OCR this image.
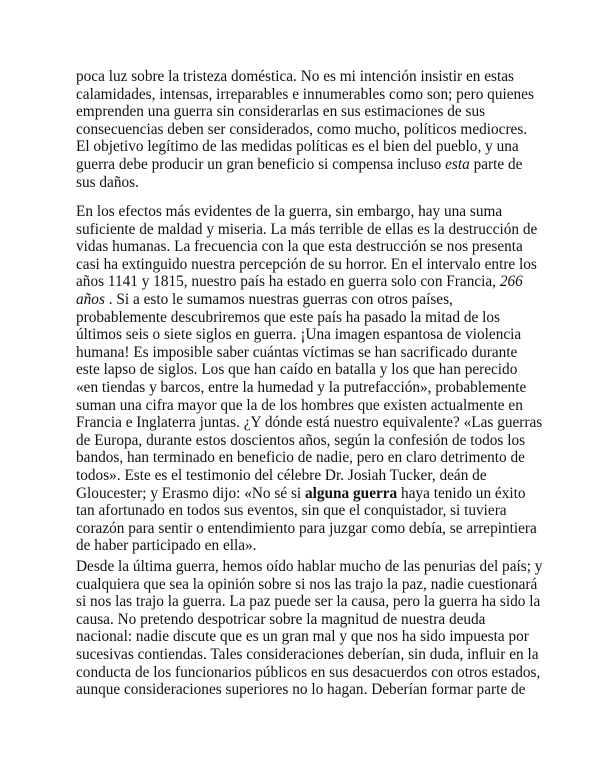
poca luz sobre la tristeza doméstica. No es mi intención insistir en estas
calamidades, intensas, irreparables e innumerables como son; pero quienes
emprenden una guerra sin considerarlas en sus estimaciones de sus
consecuencias deben ser considerados, como mucho, políticos mediocres.
El objetivo legítimo de las medidas políticas es el bien del pueblo, y una
guerra debe producir un gran beneficio si compensa incluso esta parte de
sus daños.
En los efectos más evidentes de la guerra, sin embargo, hay una suma
suficiente de maldad y miseria. La más terrible de ellas es la destrucción de
vidas humanas. La frecuencia con la que esta destrucción se nos presenta
casi ha extinguido nuestra percepción de su horror. En el intervalo entre los
años 1141 y 1815, nuestro país ha estado en guerra solo con Francia, 266
años . Si a esto le sumamos nuestras guerras con otros países,
probablemente descubriremos que este país ha pasado la mitad de los
últimos seis o siete siglos en guerra. ¡Una imagen espantosa de violencia
humana! Es imposible saber cuántas víctimas se han sacrificado durante
este lapso de siglos. Los que han caído en batalla y los que han perecido
«en tiendas y barcos, entre la humedad y la putrefacción», probablemente
suman una cifra mayor que la de los hombres que existen actualmente en
Francia e Inglaterra juntas. ¿Y dónde está nuestro equivalente? «Las guerras
de Europa, durante estos doscientos años, según la confesión de todos los
bandos, han terminado en beneficio de nadie, pero en claro detrimento de
todos». Este es el testimonio del célebre Dr. Josiah Tucker, deán de
Gloucester; y Erasmo dijo: «No sé si alguna guerra haya tenido un éxito
tan afortunado en todos sus eventos, sin que el conquistador, si tuviera
corazón para sentir o entendimiento para juzgar como debía, se arrepintiera
de haber participado en ella».
Desde la última guerra, hemos oído hablar mucho de las penurias del país; y
cualquiera que sea la opinión sobre si nos las trajo la paz, nadie cuestionará
si nos las trajo la guerra. La paz puede ser la causa, pero la guerra ha sido la
causa. No pretendo despotricar sobre la magnitud de nuestra deuda
nacional: nadie discute que es un gran mal y que nos ha sido impuesta por
sucesivas contiendas. Tales consideraciones deberían, sin duda, influir en la
conducta de los funcionarios públicos en sus desacuerdos con otros estados,
aunque consideraciones superiores no lo hagan. Deberían formar parte de
